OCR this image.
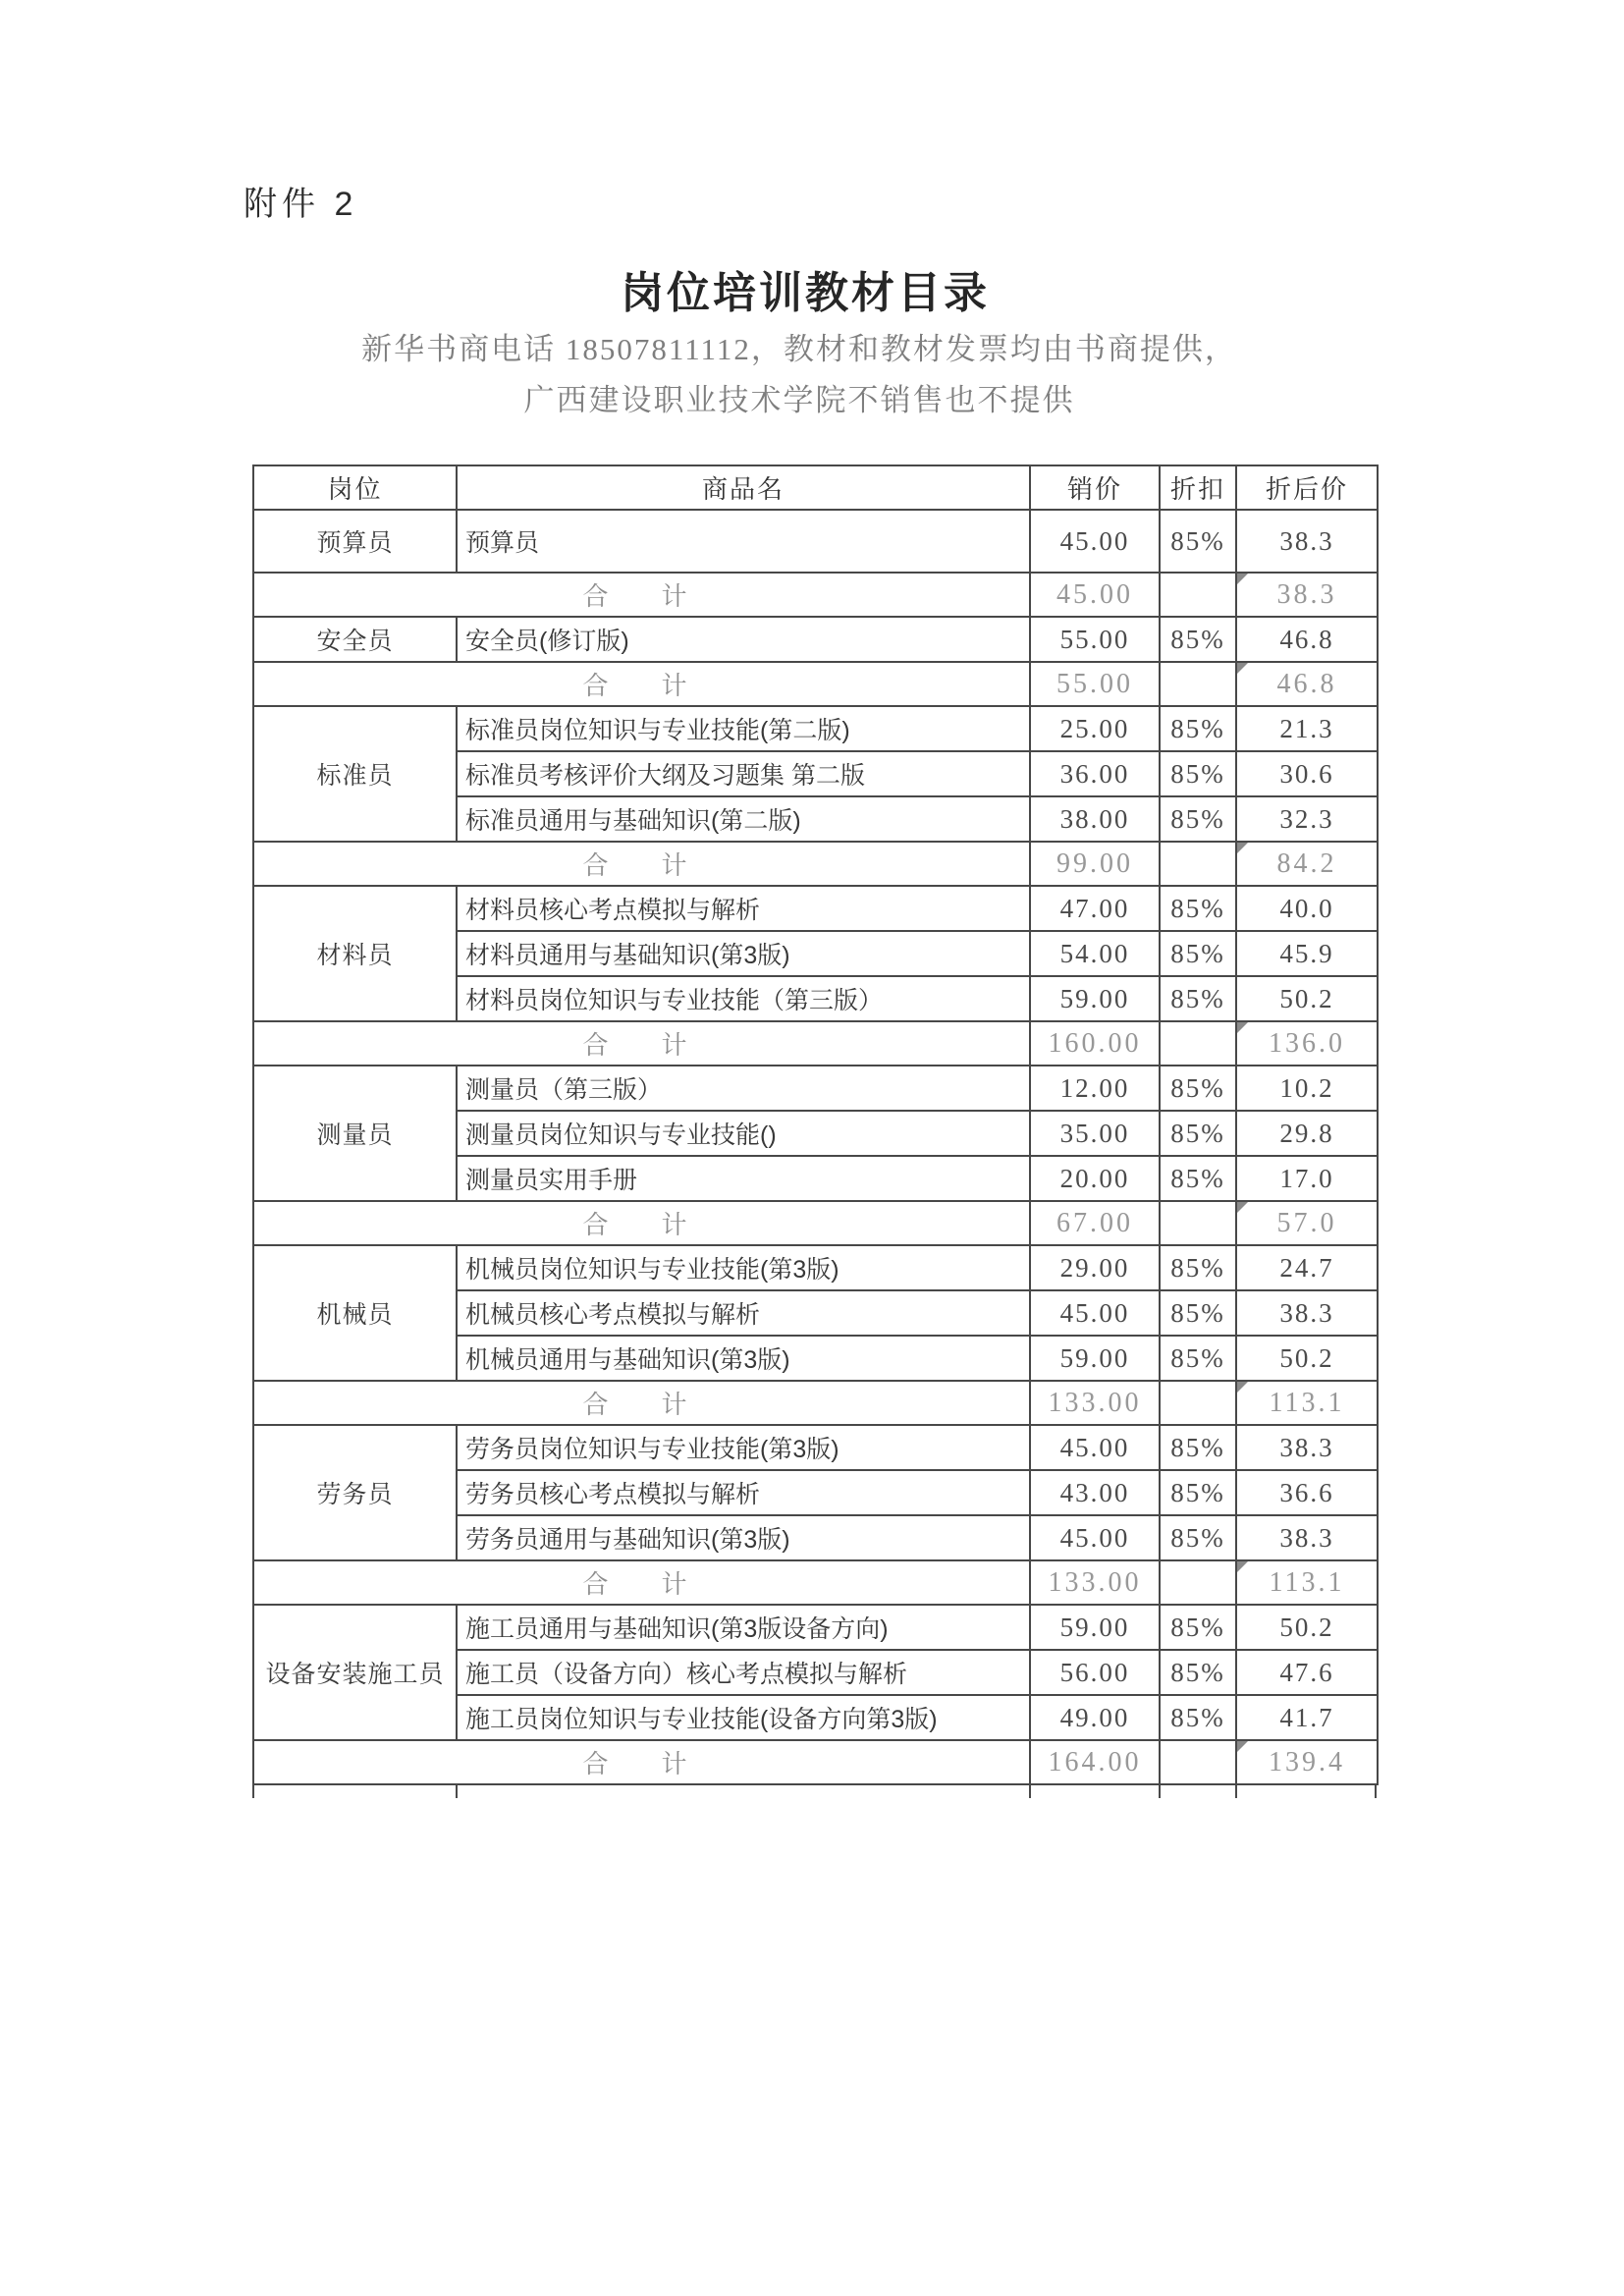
附件 2
岗位培训教材目录
新华书商电话 18507811112，教材和教材发票均由书商提供，
广西建设职业技术学院不销售也不提供
岗位	商品名	销价	折扣	折后价
预算员	预算员	45.00	85%	38.3
合　计		45.00		38.3

安全员	安全员(修订版)	55.00	85%	46.8
合　计		55.00		46.8

标准员	标准员岗位知识与专业技能(第二版)	25.00	85%	21.3
	标准员考核评价大纲及习题集 第二版	36.00	85%	30.6
	标准员通用与基础知识(第二版)	38.00	85%	32.3
合　计		99.00		84.2

材料员	材料员核心考点模拟与解析	47.00	85%	40.0
	材料员通用与基础知识(第3版)	54.00	85%	45.9
	材料员岗位知识与专业技能（第三版）	59.00	85%	50.2
合　计		160.00		136.0

测量员	测量员（第三版）	12.00	85%	10.2
	测量员岗位知识与专业技能()	35.00	85%	29.8
	测量员实用手册	20.00	85%	17.0
合　计		67.00		57.0

机械员	机械员岗位知识与专业技能(第3版)	29.00	85%	24.7
	机械员核心考点模拟与解析	45.00	85%	38.3
	机械员通用与基础知识(第3版)	59.00	85%	50.2
合　计		133.00		113.1

劳务员	劳务员岗位知识与专业技能(第3版)	45.00	85%	38.3
	劳务员核心考点模拟与解析	43.00	85%	36.6
	劳务员通用与基础知识(第3版)	45.00	85%	38.3
合　计		133.00		113.1

设备安装施工员	施工员通用与基础知识(第3版设备方向)	59.00	85%	50.2
	施工员（设备方向）核心考点模拟与解析	56.00	85%	47.6
	施工员岗位知识与专业技能(设备方向第3版)	49.00	85%	41.7
合　计		164.00		139.4
